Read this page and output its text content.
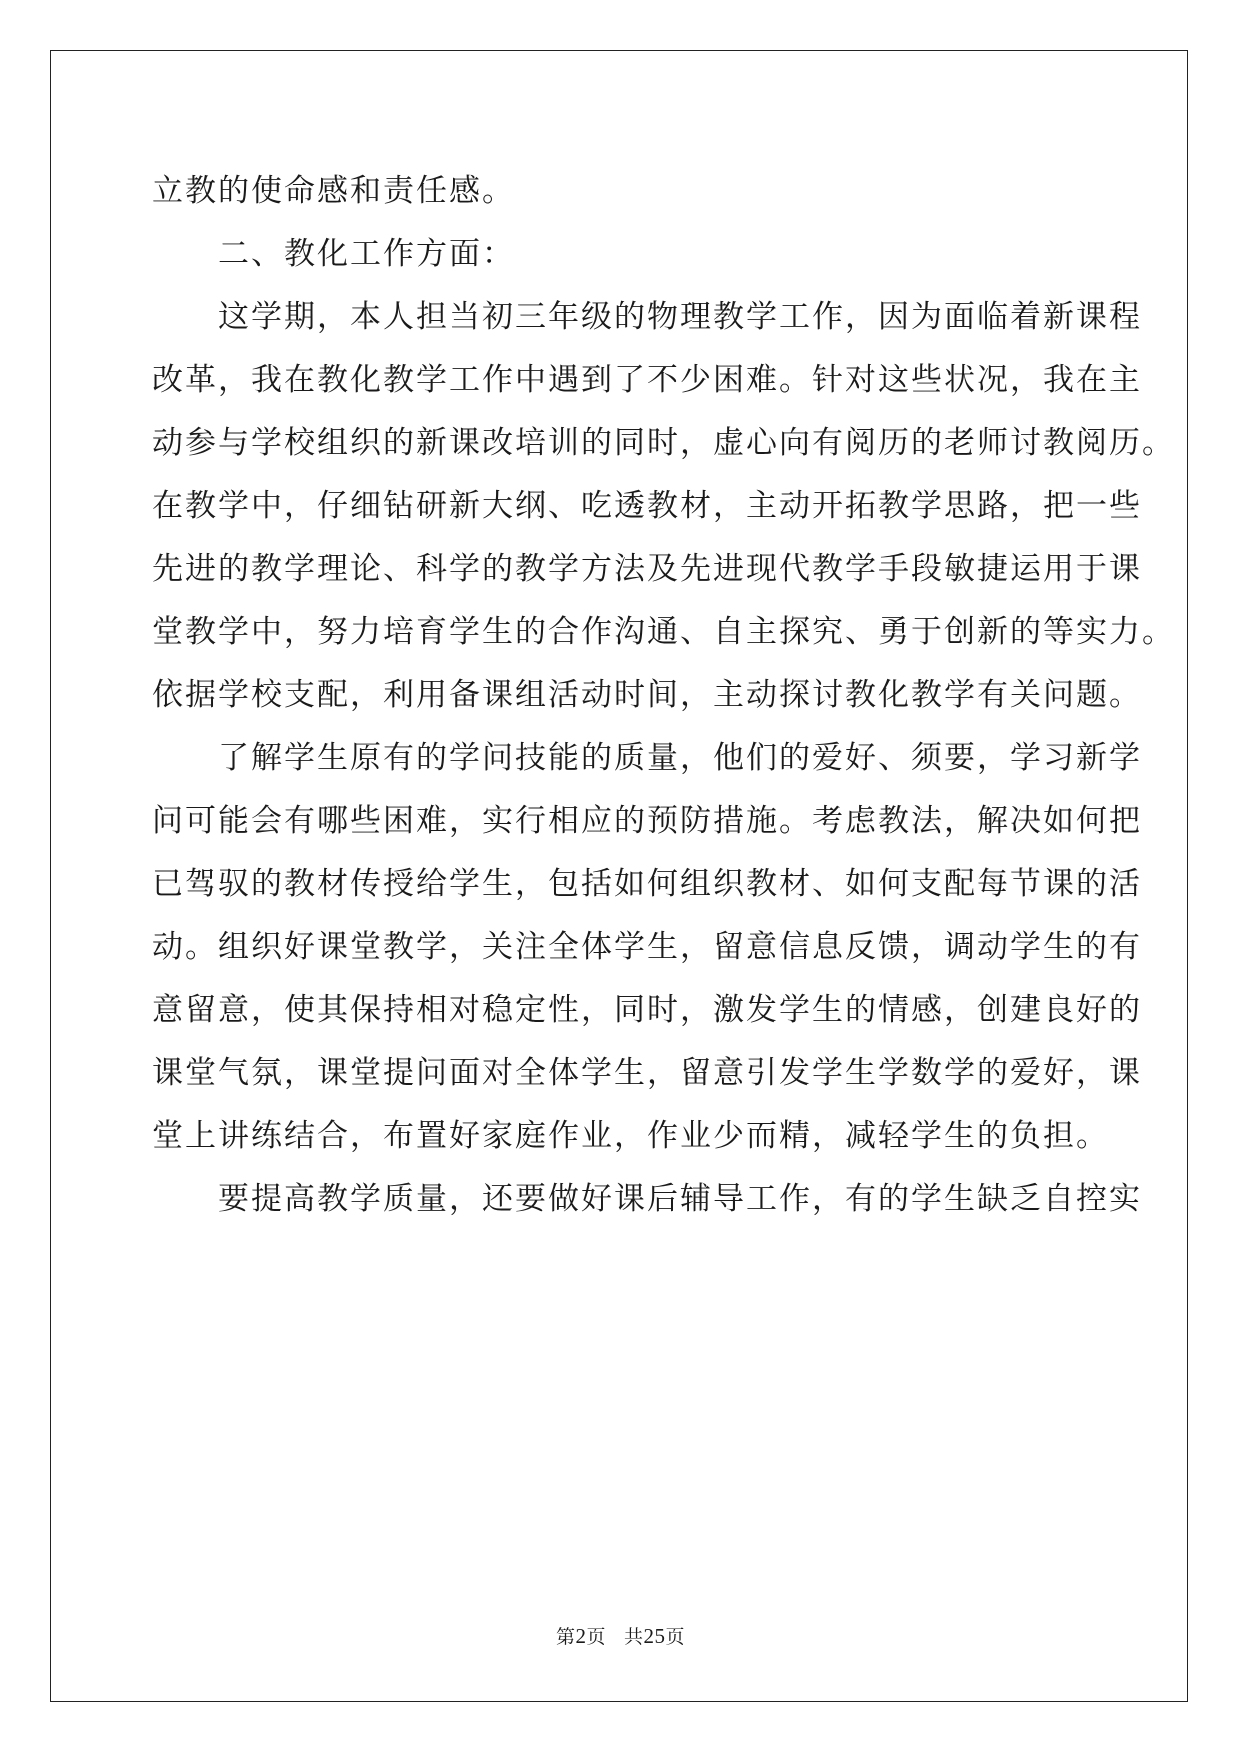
立教的使命感和责任感。
　　二、教化工作方面：
　　这学期，本人担当初三年级的物理教学工作，因为面临着新课程
改革，我在教化教学工作中遇到了不少困难。针对这些状况，我在主
动参与学校组织的新课改培训的同时，虚心向有阅历的老师讨教阅历。
在教学中，仔细钻研新大纲、吃透教材，主动开拓教学思路，把一些
先进的教学理论、科学的教学方法及先进现代教学手段敏捷运用于课
堂教学中，努力培育学生的合作沟通、自主探究、勇于创新的等实力。
依据学校支配，利用备课组活动时间，主动探讨教化教学有关问题。
　　了解学生原有的学问技能的质量，他们的爱好、须要，学习新学
问可能会有哪些困难，实行相应的预防措施。考虑教法，解决如何把
已驾驭的教材传授给学生，包括如何组织教材、如何支配每节课的活
动。组织好课堂教学，关注全体学生，留意信息反馈，调动学生的有
意留意，使其保持相对稳定性，同时，激发学生的情感，创建良好的
课堂气氛，课堂提问面对全体学生，留意引发学生学数学的爱好，课
堂上讲练结合，布置好家庭作业，作业少而精，减轻学生的负担。
　　要提高教学质量，还要做好课后辅导工作，有的学生缺乏自控实
第2页 共25页
